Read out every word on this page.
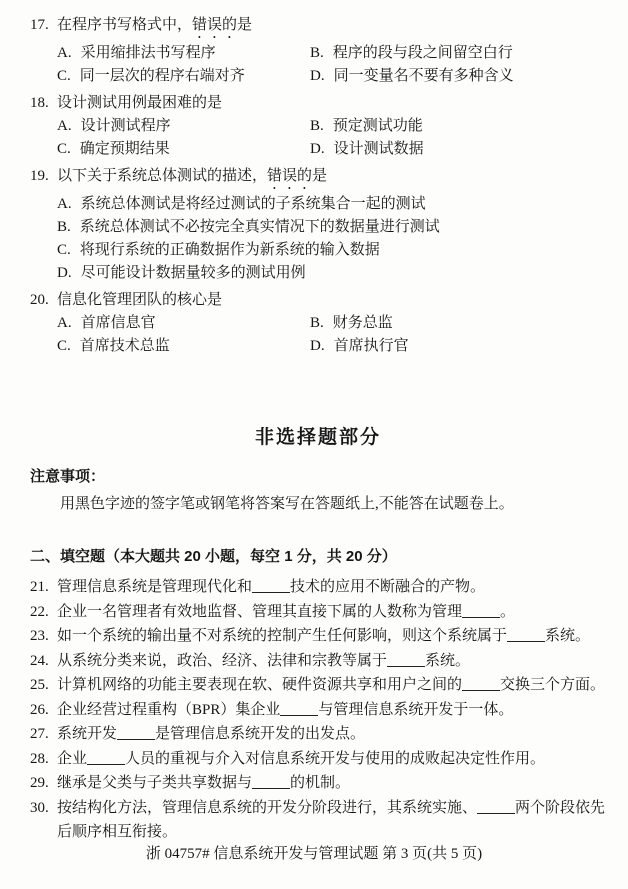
17. 在程序书写格式中，错误的是
A. 采用缩排法书写程序	B. 程序的段与段之间留空白行
C. 同一层次的程序右端对齐	D. 同一变量名不要有多种含义
18. 设计测试用例最困难的是
A. 设计测试程序	B. 预定测试功能
C. 确定预期结果	D. 设计测试数据
19. 以下关于系统总体测试的描述，错误的是
A. 系统总体测试是将经过测试的子系统集合一起的测试
B. 系统总体测试不必按完全真实情况下的数据量进行测试
C. 将现行系统的正确数据作为新系统的输入数据
D. 尽可能设计数据量较多的测试用例
20. 信息化管理团队的核心是
A. 首席信息官	B. 财务总监
C. 首席技术总监	D. 首席执行官
非选择题部分
注意事项：
用黑色字迹的签字笔或钢笔将答案写在答题纸上,不能答在试题卷上。
二、填空题（本大题共 20 小题，每空 1 分，共 20 分）
21. 管理信息系统是管理现代化和	技术的应用不断融合的产物。
22. 企业一名管理者有效地监督、管理其直接下属的人数称为管理	。
23. 如一个系统的输出量不对系统的控制产生任何影响，则这个系统属于	系统。
24. 从系统分类来说，政治、经济、法律和宗教等属于	系统。
25. 计算机网络的功能主要表现在软、硬件资源共享和用户之间的	交换三个方面。
26. 企业经营过程重构（BPR）集企业	与管理信息系统开发于一体。
27. 系统开发	是管理信息系统开发的出发点。
28. 企业	人员的重视与介入对信息系统开发与使用的成败起决定性作用。
29. 继承是父类与子类共享数据与	的机制。
30. 按结构化方法，管理信息系统的开发分阶段进行，其系统实施、	两个阶段依先后顺序相互衔接。
浙 04757# 信息系统开发与管理试题 第 3 页(共 5 页)
